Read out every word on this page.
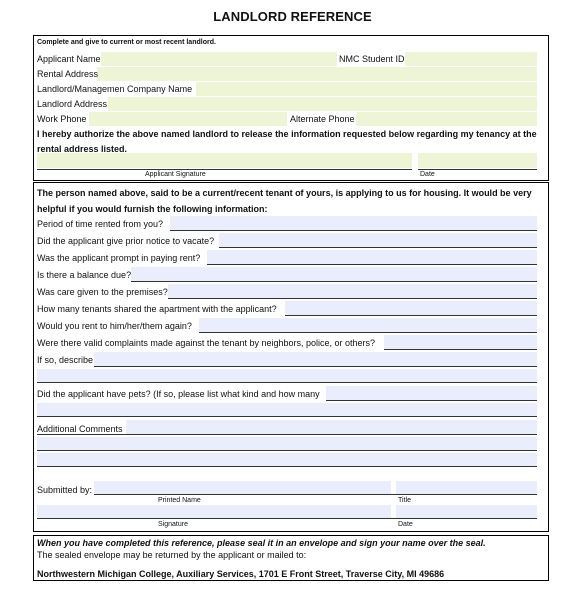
LANDLORD REFERENCE
Complete and give to current or most recent landlord.
Applicant Name	NMC Student ID
Rental Address
Landlord/Managemen Company Name
Landlord Address
Work Phone	Alternate Phone
I hereby authorize the above named landlord to release the information requested below regarding my tenancy at the rental address listed.
Applicant Signature	Date
The person named above, said to be a current/recent tenant of yours, is applying to us for housing. It would be very helpful if you would furnish the following information:
Period of time rented from you?
Did the applicant give prior notice to vacate?
Was the applicant prompt in paying rent?
Is there a balance due?
Was care given to the premises?
How many tenants shared the apartment with the applicant?
Would you rent to him/her/them again?
Were there valid complaints made against the tenant by neighbors, police, or others?
If so, describe
Did the applicant have pets? (If so, please list what kind and how many
Additional Comments
Submitted by:
Printed Name	Title
Signature	Date
When you have completed this reference, please seal it in an envelope and sign your name over the seal.
The sealed envelope may be returned by the applicant or mailed to:
Northwestern Michigan College, Auxiliary Services, 1701 E Front Street, Traverse City, MI 49686
